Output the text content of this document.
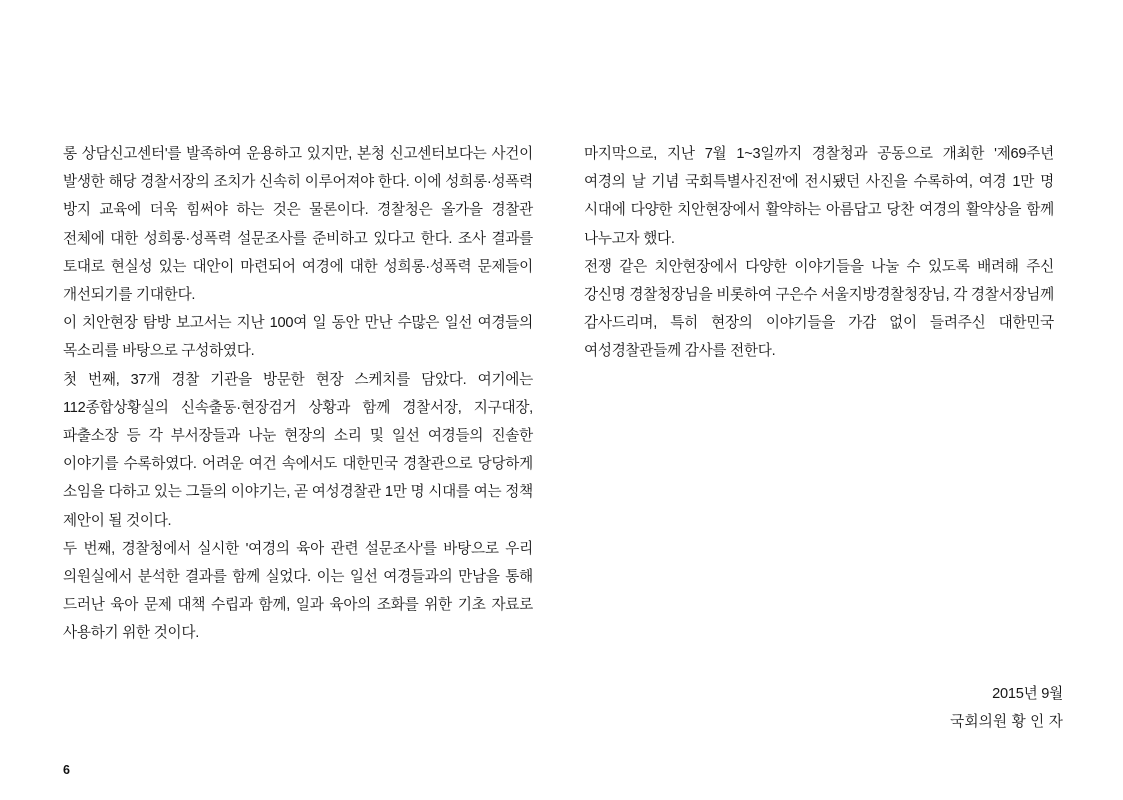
롱 상담신고센터'를 발족하여 운용하고 있지만, 본청 신고센터보다는 사건이 발생한 해당 경찰서장의 조치가 신속히 이루어져야 한다. 이에 성희롱·성폭력 방지 교육에 더욱 힘써야 하는 것은 물론이다. 경찰청은 올가을 경찰관 전체에 대한 성희롱·성폭력 설문조사를 준비하고 있다고 한다. 조사 결과를 토대로 현실성 있는 대안이 마련되어 여경에 대한 성희롱·성폭력 문제들이 개선되기를 기대한다.

이 치안현장 탐방 보고서는 지난 100여 일 동안 만난 수많은 일선 여경들의 목소리를 바탕으로 구성하였다.

첫 번째, 37개 경찰 기관을 방문한 현장 스케치를 담았다. 여기에는 112종합상황실의 신속출동·현장검거 상황과 함께 경찰서장, 지구대장, 파출소장 등 각 부서장들과 나눈 현장의 소리 및 일선 여경들의 진솔한 이야기를 수록하였다. 어려운 여건 속에서도 대한민국 경찰관으로 당당하게 소임을 다하고 있는 그들의 이야기는, 곧 여성경찰관 1만 명 시대를 여는 정책 제안이 될 것이다.

두 번째, 경찰청에서 실시한 '여경의 육아 관련 설문조사'를 바탕으로 우리 의원실에서 분석한 결과를 함께 실었다. 이는 일선 여경들과의 만남을 통해 드러난 육아 문제 대책 수립과 함께, 일과 육아의 조화를 위한 기초 자료로 사용하기 위한 것이다.

마지막으로, 지난 7월 1~3일까지 경찰청과 공동으로 개최한 '제69주년 여경의 날 기념 국회특별사진전'에 전시됐던 사진을 수록하여, 여경 1만 명 시대에 다양한 치안현장에서 활약하는 아름답고 당찬 여경의 활약상을 함께 나누고자 했다.

전쟁 같은 치안현장에서 다양한 이야기들을 나눌 수 있도록 배려해 주신 강신명 경찰청장님을 비롯하여 구은수 서울지방경찰청장님, 각 경찰서장님께 감사드리며, 특히 현장의 이야기들을 가감 없이 들려주신 대한민국 여성경찰관들께 감사를 전한다.

2015년 9월
국회의원 황 인 자
6
